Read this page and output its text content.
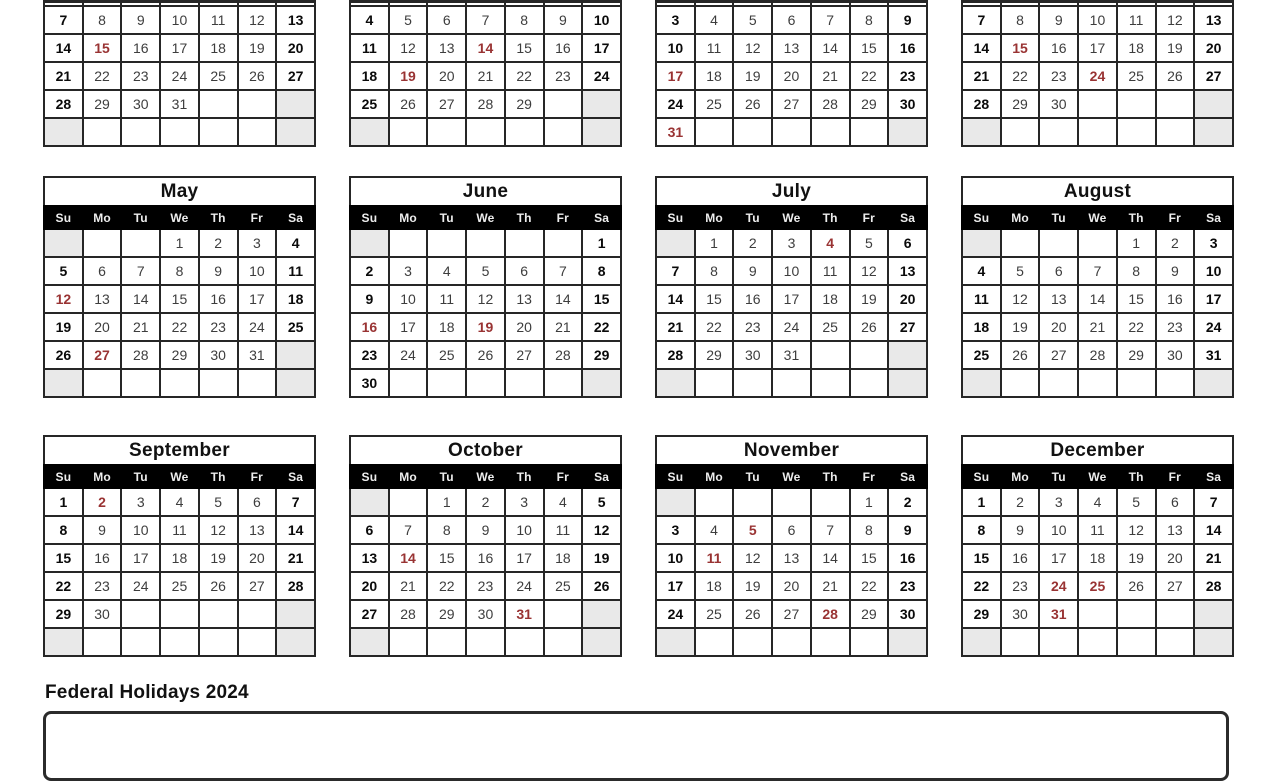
7	8	9	10	11	12	13
14	15	16	17	18	19	20
21	22	23	24	25	26	27
28	29	30	31			

4	5	6	7	8	9	10
11	12	13	14	15	16	17
18	19	20	21	22	23	24
25	26	27	28	29		

3	4	5	6	7	8	9
10	11	12	13	14	15	16
17	18	19	20	21	22	23
24	25	26	27	28	29	30
31						

7	8	9	10	11	12	13
14	15	16	17	18	19	20
21	22	23	24	25	26	27
28	29	30				

May
Su	Mo	Tu	We	Th	Fr	Sa
			1	2	3	4
5	6	7	8	9	10	11
12	13	14	15	16	17	18
19	20	21	22	23	24	25
26	27	28	29	30	31	

June
Su	Mo	Tu	We	Th	Fr	Sa
						1
2	3	4	5	6	7	8
9	10	11	12	13	14	15
16	17	18	19	20	21	22
23	24	25	26	27	28	29
30						
July
Su	Mo	Tu	We	Th	Fr	Sa
	1	2	3	4	5	6
7	8	9	10	11	12	13
14	15	16	17	18	19	20
21	22	23	24	25	26	27
28	29	30	31			

August
Su	Mo	Tu	We	Th	Fr	Sa
				1	2	3
4	5	6	7	8	9	10
11	12	13	14	15	16	17
18	19	20	21	22	23	24
25	26	27	28	29	30	31

September
Su	Mo	Tu	We	Th	Fr	Sa
1	2	3	4	5	6	7
8	9	10	11	12	13	14
15	16	17	18	19	20	21
22	23	24	25	26	27	28
29	30					

October
Su	Mo	Tu	We	Th	Fr	Sa
		1	2	3	4	5
6	7	8	9	10	11	12
13	14	15	16	17	18	19
20	21	22	23	24	25	26
27	28	29	30	31		

November
Su	Mo	Tu	We	Th	Fr	Sa
					1	2
3	4	5	6	7	8	9
10	11	12	13	14	15	16
17	18	19	20	21	22	23
24	25	26	27	28	29	30

December
Su	Mo	Tu	We	Th	Fr	Sa
1	2	3	4	5	6	7
8	9	10	11	12	13	14
15	16	17	18	19	20	21
22	23	24	25	26	27	28
29	30	31				

Federal Holidays 2024
